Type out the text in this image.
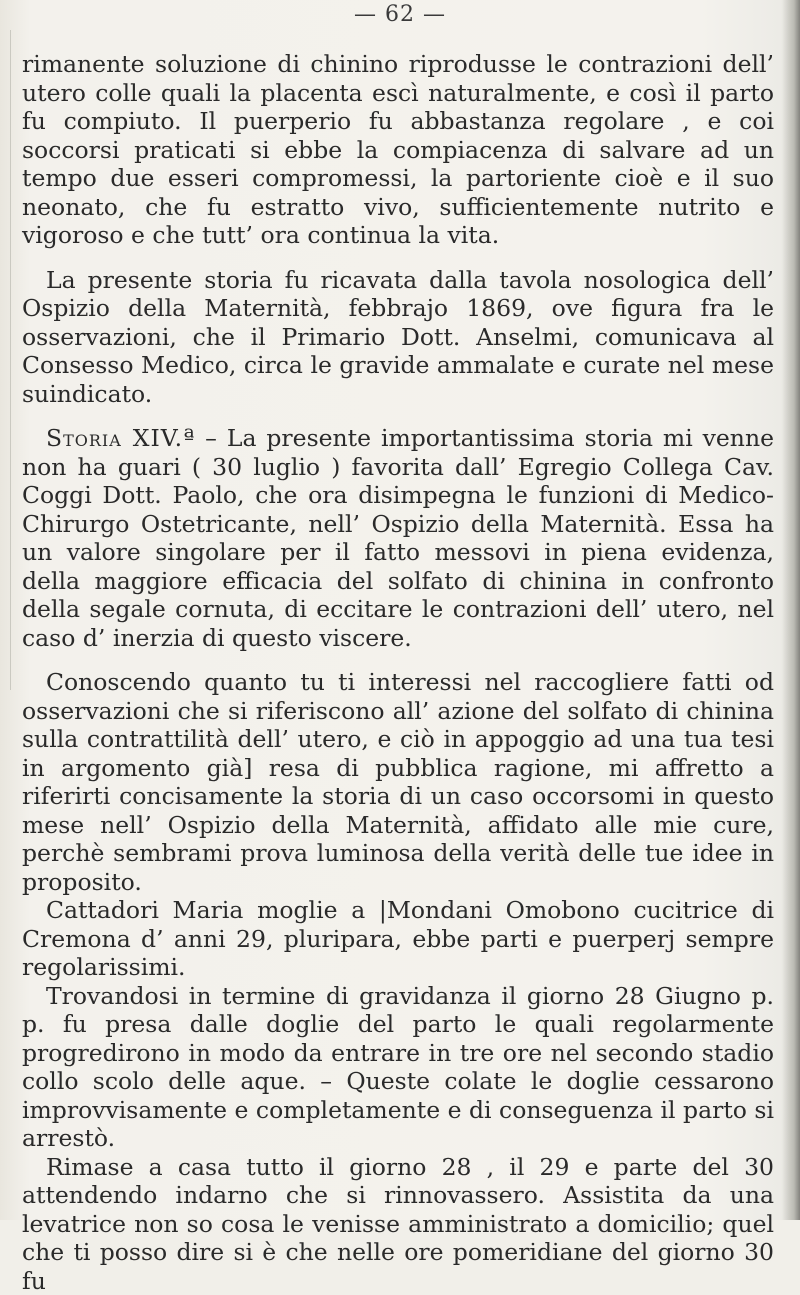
— 62 —

rimanente soluzione di chinino riprodusse le contrazioni dell’ utero colle quali la placenta escì naturalmente, e così il parto fu compiuto. Il puerperio fu abbastanza regolare , e coi soccorsi praticati si ebbe la compiacenza di salvare ad un tempo due esseri compromessi, la partoriente cioè e il suo neonato, che fu estratto vivo, sufficientemente nutrito e vigoroso e che tutt’ ora continua la vita.

La presente storia fu ricavata dalla tavola nosologica dell’ Ospizio della Maternità, febbrajo 1869, ove figura fra le osservazioni, che il Primario Dott. Anselmi, comunicava al Consesso Medico, circa le gravide ammalate e curate nel mese suindicato.

Storia XIV.ª – La presente importantissima storia mi venne non ha guari ( 30 luglio ) favorita dall’ Egregio Collega Cav. Coggi Dott. Paolo, che ora disimpegna le funzioni di Medico-Chirurgo Ostetricante, nell’ Ospizio della Maternità. Essa ha un valore singolare per il fatto messovi in piena evidenza, della maggiore efficacia del solfato di chinina in confronto della segale cornuta, di eccitare le contrazioni dell’ utero, nel caso d’ inerzia di questo viscere.

Conoscendo quanto tu ti interessi nel raccogliere fatti od osservazioni che si riferiscono all’ azione del solfato di chinina sulla contrattilità dell’ utero, e ciò in appoggio ad una tua tesi in argomento già] resa di pubblica ragione, mi affretto a riferirti concisamente la storia di un caso occorsomi in questo mese nell’ Ospizio della Maternità, affidato alle mie cure, perchè sembrami prova luminosa della verità delle tue idee in proposito.

Cattadori Maria moglie a |Mondani Omobono cucitrice di Cremona d’ anni 29, pluripara, ebbe parti e puerperj sempre regolarissimi.

Trovandosi in termine di gravidanza il giorno 28 Giugno p. p. fu presa dalle doglie del parto le quali regolarmente progredirono in modo da entrare in tre ore nel secondo stadio collo scolo delle aque. – Queste colate le doglie cessarono improvvisamente e completamente e di conseguenza il parto si arrestò.

Rimase a casa tutto il giorno 28 , il 29 e parte del 30 attendendo indarno che si rinnovassero. Assistita da una levatrice non so cosa le venisse amministrato a domicilio; quel che ti posso dire si è che nelle ore pomeridiane del giorno 30 fu
